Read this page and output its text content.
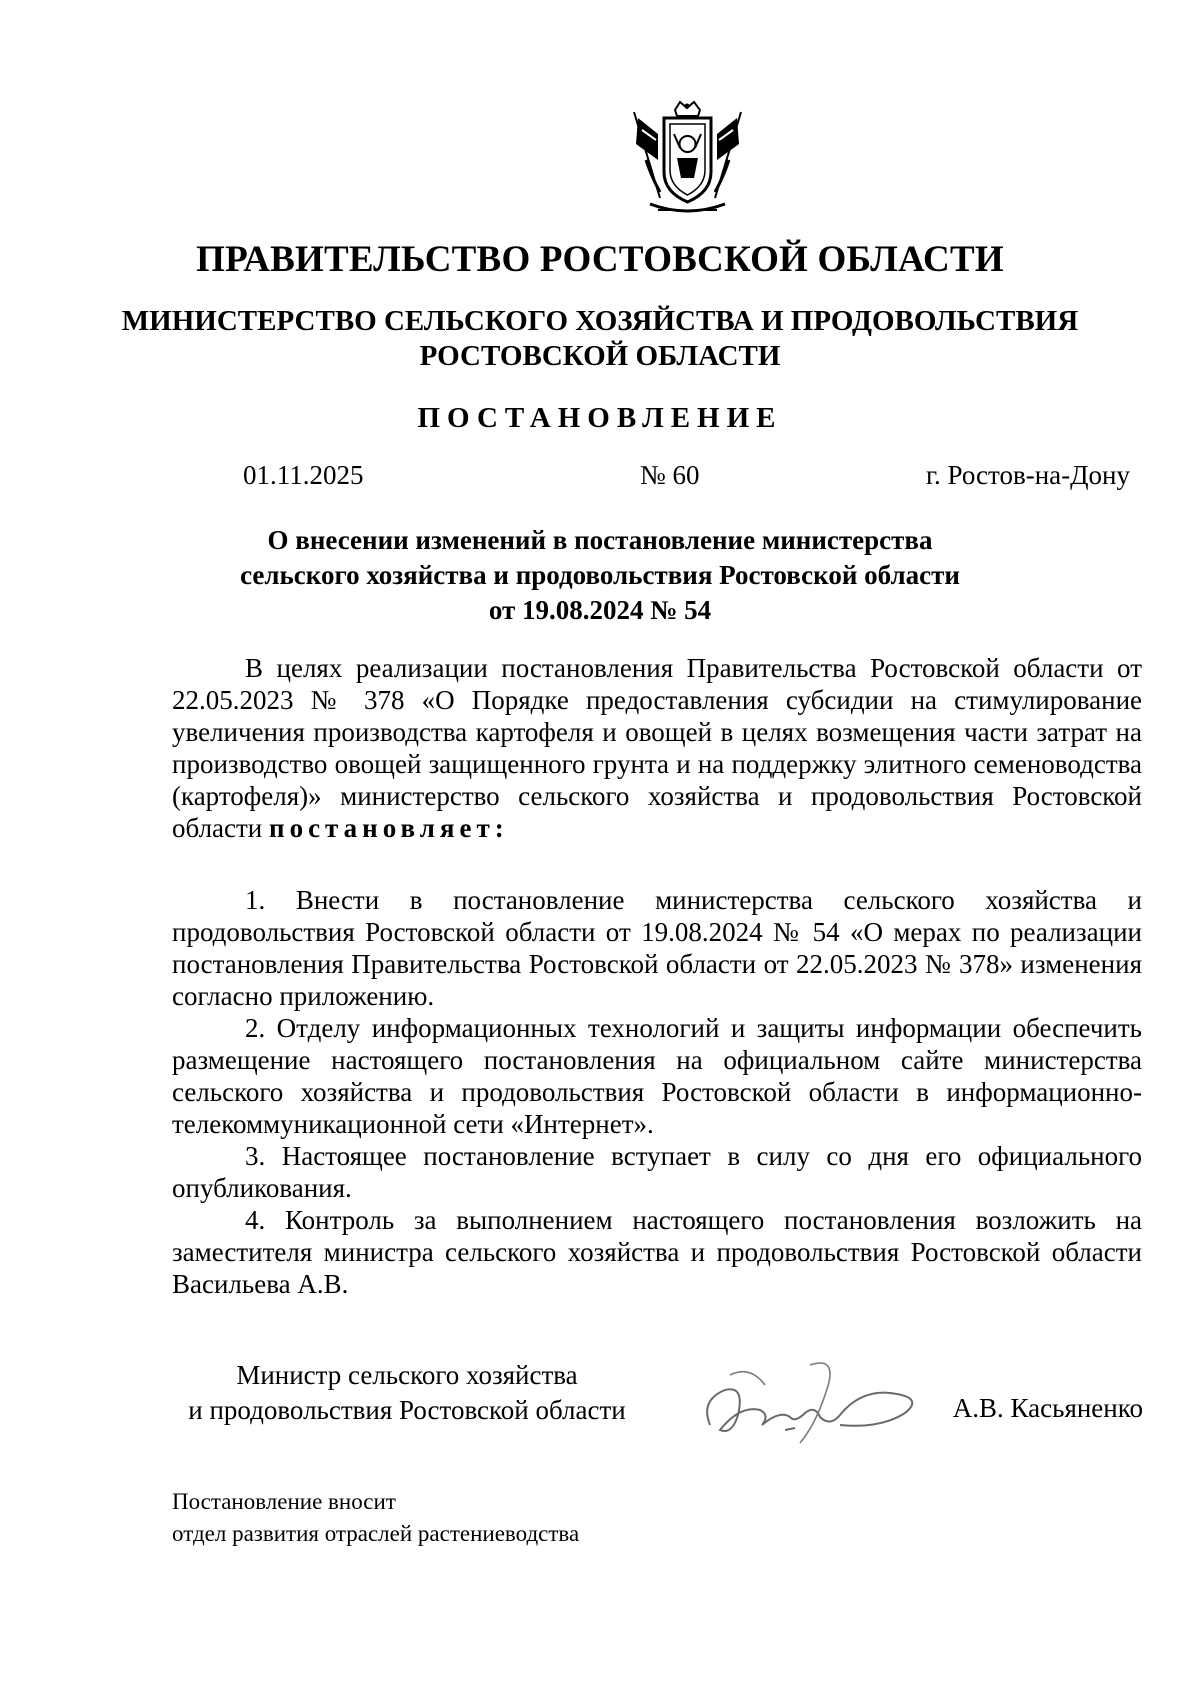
ПРАВИТЕЛЬСТВО РОСТОВСКОЙ ОБЛАСТИ
МИНИСТЕРСТВО СЕЛЬСКОГО ХОЗЯЙСТВА И ПРОДОВОЛЬСТВИЯ
РОСТОВСКОЙ ОБЛАСТИ
ПОСТАНОВЛЕНИЕ
01.11.2025	№ 60	г. Ростов-на-Дону
О внесении изменений в постановление министерства
сельского хозяйства и продовольствия Ростовской области
от 19.08.2024 № 54

В целях реализации постановления Правительства Ростовской области от 22.05.2023 № 378 «О Порядке предоставления субсидии на стимулирование увеличения производства картофеля и овощей в целях возмещения части затрат на производство овощей защищенного грунта и на поддержку элитного семеноводства (картофеля)» министерство сельского хозяйства и продовольствия Ростовской области постановляет:

1. Внести в постановление министерства сельского хозяйства и продовольствия Ростовской области от 19.08.2024 № 54 «О мерах по реализации постановления Правительства Ростовской области от 22.05.2023 № 378» изменения согласно приложению.

2. Отделу информационных технологий и защиты информации обеспечить размещение настоящего постановления на официальном сайте министерства сельского хозяйства и продовольствия Ростовской области в информационно-телекоммуникационной сети «Интернет».

3. Настоящее постановление вступает в силу со дня его официального опубликования.

4. Контроль за выполнением настоящего постановления возложить на заместителя министра сельского хозяйства и продовольствия Ростовской области Васильева А.В.

Министр сельского хозяйства
и продовольствия Ростовской области	А.В. Касьяненко
Постановление вносит
отдел развития отраслей растениеводства
